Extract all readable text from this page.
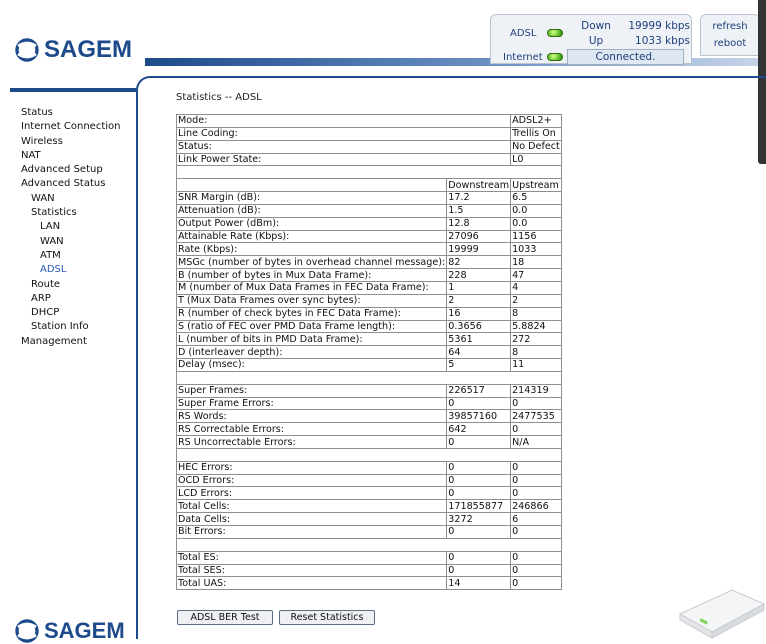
SAGEM
ADSL
Down 19999 kbps
Up	1033 kbps
Internet	Connected.
refresh
reboot
Status
Internet Connection
Wireless
NAT
Advanced Setup
Advanced Status
WAN
Statistics
LAN
WAN
ATM
ADSL
Route
ARP
DHCP
Station Info
Management
Statistics -- ADSL
Mode:		ADSL2+
Line Coding:		Trellis On
Status:		No Defect
Link Power State:		L0

	Downstream	Upstream
SNR Margin (dB):	17.2	6.5
Attenuation (dB):	1.5	0.0
Output Power (dBm):	12.8	0.0
Attainable Rate (Kbps):	27096	1156
Rate (Kbps):	19999	1033
MSGc (number of bytes in overhead channel message):	82	18
B (number of bytes in Mux Data Frame):	228	47
M (number of Mux Data Frames in FEC Data Frame):	1	4
T (Mux Data Frames over sync bytes):	2	2
R (number of check bytes in FEC Data Frame):	16	8
S (ratio of FEC over PMD Data Frame length):	0.3656	5.8824
L (number of bits in PMD Data Frame):	5361	272
D (interleaver depth):	64	8
Delay (msec):	5	11

Super Frames:	226517	214319
Super Frame Errors:	0	0
RS Words:	39857160	2477535
RS Correctable Errors:	642	0
RS Uncorrectable Errors:	0	N/A

HEC Errors:	0	0
OCD Errors:	0	0
LCD Errors:	0	0
Total Cells:	171855877	246866
Data Cells:	3272	6
Bit Errors:	0	0

Total ES:	0	0
Total SES:	0	0
Total UAS:	14	0
ADSL BER Test	Reset Statistics
SAGEM
